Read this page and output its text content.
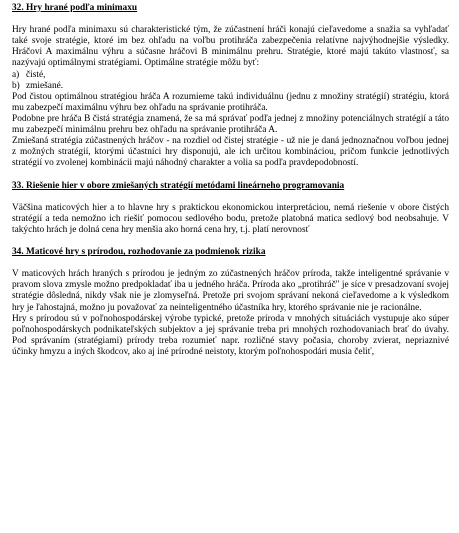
32. Hry hrané podľa minimaxu

Hry hrané podľa minimaxu sú charakteristické tým, že zúčastnení hráči konajú cieľavedome a snažia sa vyhľadať také svoje stratégie, ktoré im bez ohľadu na voľbu protihráča zabezpečenia relatívne najvýhodnejšie výsledky. Hráčovi A maximálnu výhru a súčasne hráčovi B minimálnu prehru. Stratégie, ktoré majú takúto vlastnosť, sa nazývajú optimálnymi stratégiami. Optimálne stratégie môžu byť:

a) čisté,
b) zmiešané.

Pod čistou optimálnou stratégiou hráča A rozumieme takú individuálnu (jednu z množiny stratégií) stratégiu, ktorá mu zabezpečí maximálnu výhru bez ohľadu na správanie protihráča.

Podobne pre hráča B čistá stratégia znamená, že sa má správať podľa jednej z množiny potenciálnych stratégií a táto mu zabezpečí minimálnu prehru bez ohľadu na správanie protihráča A.

Zmiešaná stratégia zúčastnených hráčov - na rozdiel od čistej stratégie - už nie je daná jednoznačnou voľbou jednej z možných stratégií, ktorými účastníci hry disponujú, ale ich určitou kombináciou, pričom funkcie jednotlivých stratégií vo zvolenej kombinácii majú náhodný charakter a volia sa podľa pravdepodobností.

33. Riešenie hier v obore zmiešaných stratégií metódami lineárneho programovania

Väčšina maticových hier a to hlavne hry s praktickou ekonomickou interpretáciou, nemá riešenie v obore čistých stratégií a teda nemožno ich riešiť pomocou sedlového bodu, pretože platobná matica sedlový bod neobsahuje. V takýchto hrách je dolná cena hry menšia ako horná cena hry, t.j. platí nerovnosť

34. Maticové hry s prírodou, rozhodovanie za podmienok rizika

V maticových hrách hraných s prírodou je jedným zo zúčastnených hráčov príroda, takže inteligentné správanie v pravom slova zmysle možno predpokladať iba u jedného hráča. Príroda ako „protihráč" je síce v presadzovaní svojej stratégie dôsledná, nikdy však nie je zlomyseľná. Pretože pri svojom správaní nekoná cieľavedome a k výsledkom hry je ľahostajná, možno ju považovať za neinteligentného účastníka hry, ktorého správanie nie je racionálne.

Hry s prírodou sú v poľnohospodárskej výrobe typické, pretože príroda v mnohých situáciách vystupuje ako súper poľnohospodárskych podnikateľských subjektov a jej správanie treba pri mnohých rozhodovaniach brať do úvahy. Pod správaním (stratégiami) prírody treba rozumieť napr. rozličné stavy počasia, choroby zvierat, nepriaznivé účinky hmyzu a iných škodcov, ako aj iné prírodné neistoty, ktorým poľnohospodári musia čeliť,
